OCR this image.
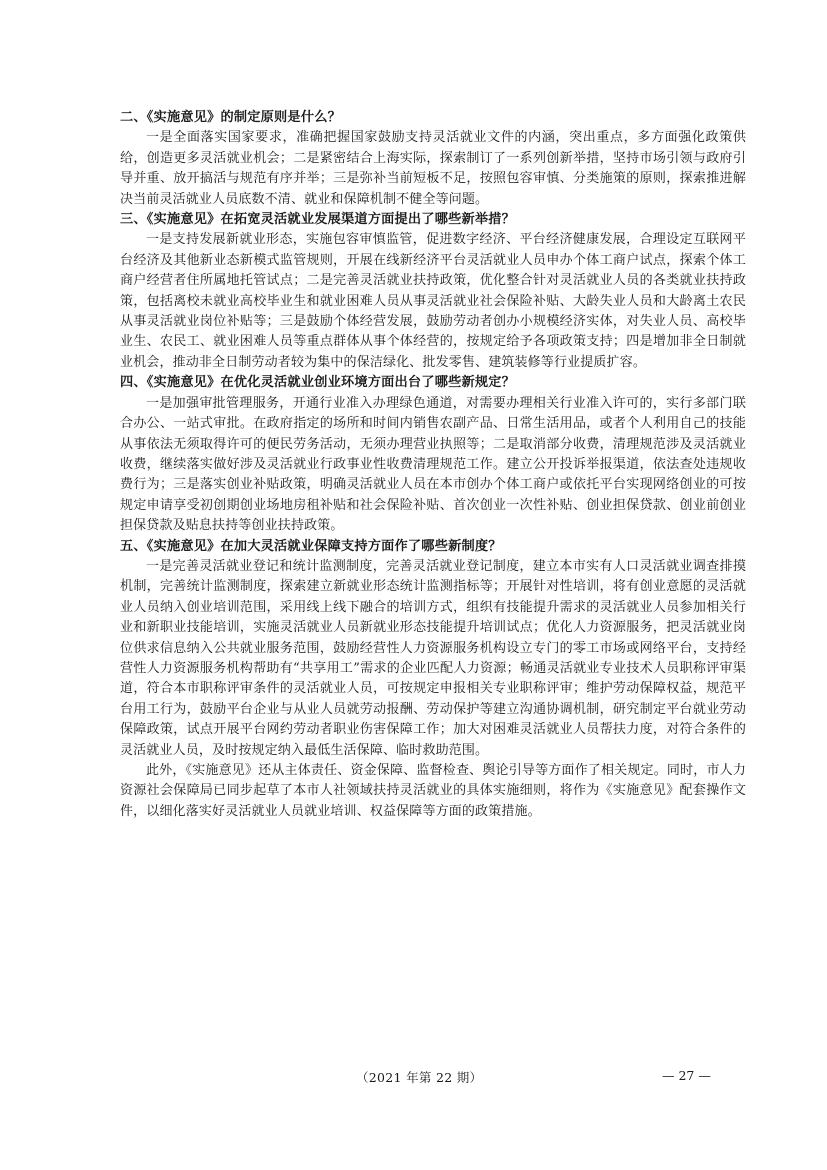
二、《实施意见》的制定原则是什么？

一是全面落实国家要求，准确把握国家鼓励支持灵活就业文件的内涵，突出重点，多方面强化政策供给，创造更多灵活就业机会；二是紧密结合上海实际，探索制订了一系列创新举措，坚持市场引领与政府引导并重、放开搞活与规范有序并举；三是弥补当前短板不足，按照包容审慎、分类施策的原则，探索推进解决当前灵活就业人员底数不清、就业和保障机制不健全等问题。

三、《实施意见》在拓宽灵活就业发展渠道方面提出了哪些新举措？

一是支持发展新就业形态，实施包容审慎监管，促进数字经济、平台经济健康发展，合理设定互联网平台经济及其他新业态新模式监管规则，开展在线新经济平台灵活就业人员申办个体工商户试点，探索个体工商户经营者住所属地托管试点；二是完善灵活就业扶持政策，优化整合针对灵活就业人员的各类就业扶持政策，包括离校未就业高校毕业生和就业困难人员从事灵活就业社会保险补贴、大龄失业人员和大龄离土农民从事灵活就业岗位补贴等；三是鼓励个体经营发展，鼓励劳动者创办小规模经济实体，对失业人员、高校毕业生、农民工、就业困难人员等重点群体从事个体经营的，按规定给予各项政策支持；四是增加非全日制就业机会，推动非全日制劳动者较为集中的保洁绿化、批发零售、建筑装修等行业提质扩容。

四、《实施意见》在优化灵活就业创业环境方面出台了哪些新规定？

一是加强审批管理服务，开通行业准入办理绿色通道，对需要办理相关行业准入许可的，实行多部门联合办公、一站式审批。在政府指定的场所和时间内销售农副产品、日常生活用品，或者个人利用自己的技能从事依法无须取得许可的便民劳务活动，无须办理营业执照等；二是取消部分收费，清理规范涉及灵活就业收费，继续落实做好涉及灵活就业行政事业性收费清理规范工作。建立公开投诉举报渠道，依法查处违规收费行为；三是落实创业补贴政策，明确灵活就业人员在本市创办个体工商户或依托平台实现网络创业的可按规定申请享受初创期创业场地房租补贴和社会保险补贴、首次创业一次性补贴、创业担保贷款、创业前创业担保贷款及贴息扶持等创业扶持政策。

五、《实施意见》在加大灵活就业保障支持方面作了哪些新制度？

一是完善灵活就业登记和统计监测制度，完善灵活就业登记制度，建立本市实有人口灵活就业调查排摸机制，完善统计监测制度，探索建立新就业形态统计监测指标等；开展针对性培训，将有创业意愿的灵活就业人员纳入创业培训范围，采用线上线下融合的培训方式，组织有技能提升需求的灵活就业人员参加相关行业和新职业技能培训，实施灵活就业人员新就业形态技能提升培训试点；优化人力资源服务，把灵活就业岗位供求信息纳入公共就业服务范围，鼓励经营性人力资源服务机构设立专门的零工市场或网络平台，支持经营性人力资源服务机构帮助有“共享用工”需求的企业匹配人力资源；畅通灵活就业专业技术人员职称评审渠道，符合本市职称评审条件的灵活就业人员，可按规定申报相关专业职称评审；维护劳动保障权益，规范平台用工行为，鼓励平台企业与从业人员就劳动报酬、劳动保护等建立沟通协调机制，研究制定平台就业劳动保障政策，试点开展平台网约劳动者职业伤害保障工作；加大对困难灵活就业人员帮扶力度，对符合条件的灵活就业人员，及时按规定纳入最低生活保障、临时救助范围。

此外，《实施意见》还从主体责任、资金保障、监督检查、舆论引导等方面作了相关规定。同时，市人力资源社会保障局已同步起草了本市人社领域扶持灵活就业的具体实施细则，将作为《实施意见》配套操作文件，以细化落实好灵活就业人员就业培训、权益保障等方面的政策措施。

（2021 年第 22 期）	— 27 —
